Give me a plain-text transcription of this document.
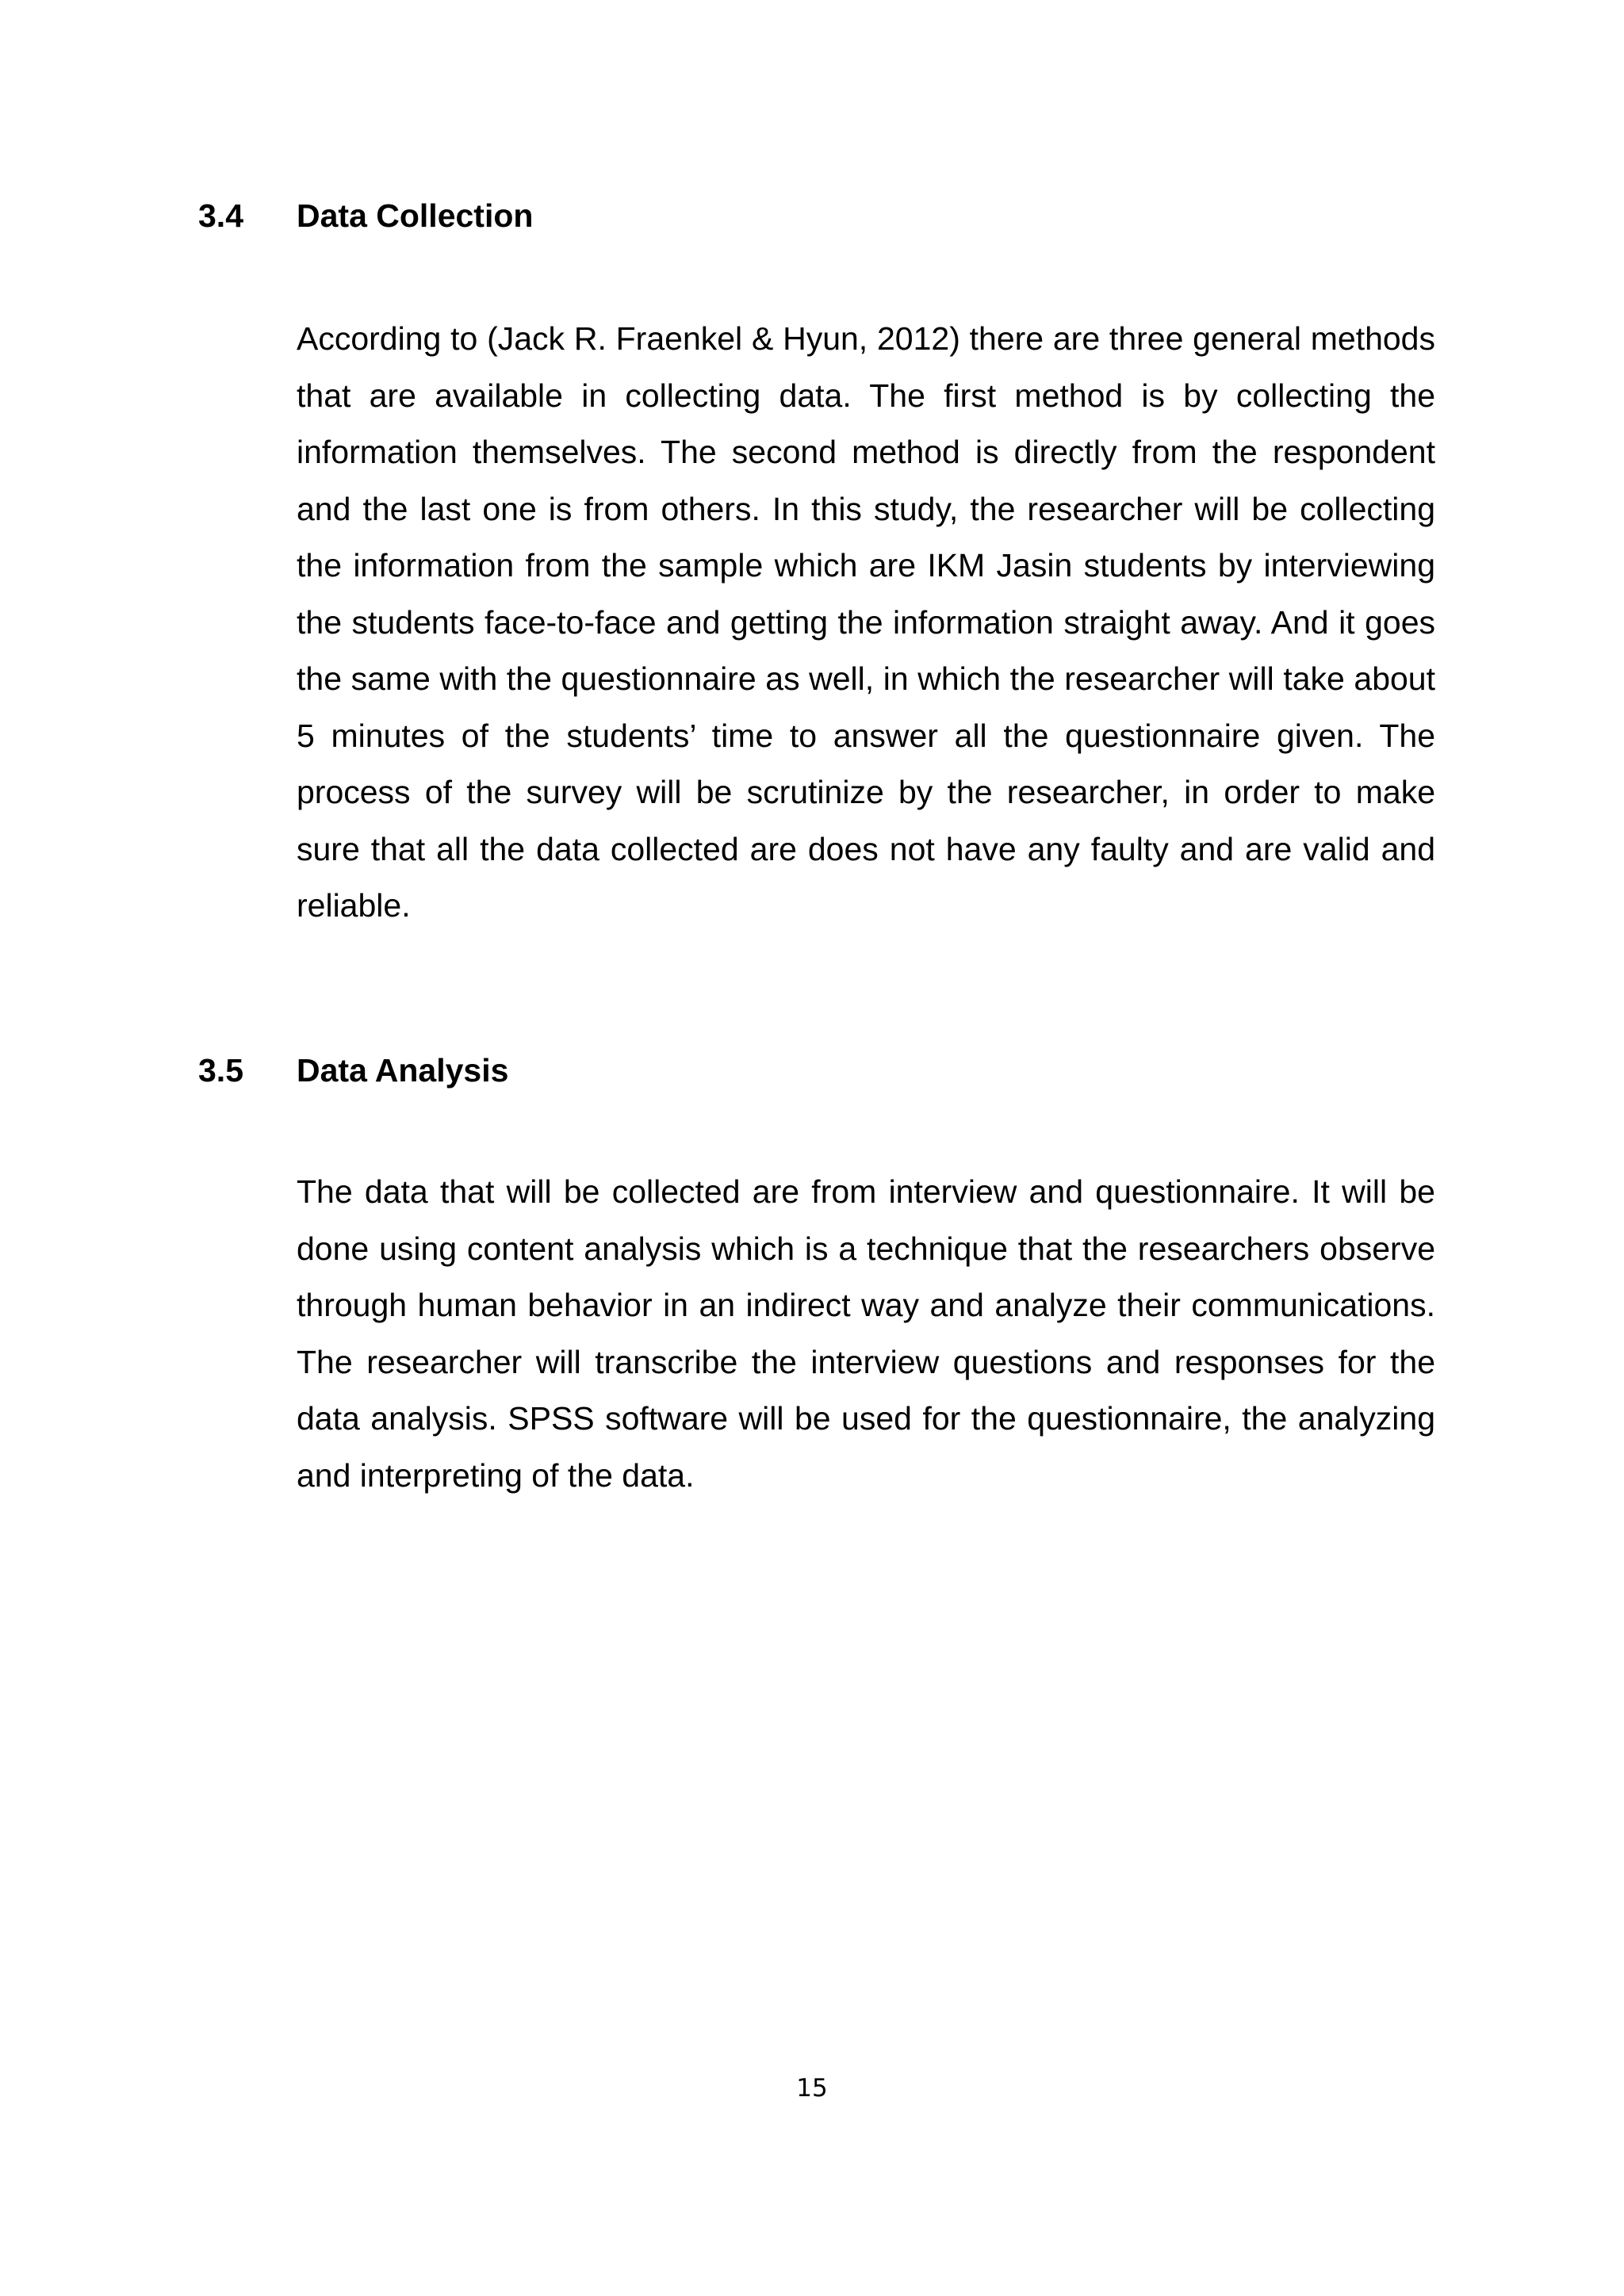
3.4 Data Collection

According to (Jack R. Fraenkel & Hyun, 2012) there are three general methods that are available in collecting data. The first method is by collecting the information themselves. The second method is directly from the respondent and the last one is from others. In this study, the researcher will be collecting the information from the sample which are IKM Jasin students by interviewing the students face-to-face and getting the information straight away. And it goes the same with the questionnaire as well, in which the researcher will take about 5 minutes of the students’ time to answer all the questionnaire given. The process of the survey will be scrutinize by the researcher, in order to make sure that all the data collected are does not have any faulty and are valid and reliable.

3.5 Data Analysis

The data that will be collected are from interview and questionnaire. It will be done using content analysis which is a technique that the researchers observe through human behavior in an indirect way and analyze their communications. The researcher will transcribe the interview questions and responses for the data analysis. SPSS software will be used for the questionnaire, the analyzing and interpreting of the data.

15
